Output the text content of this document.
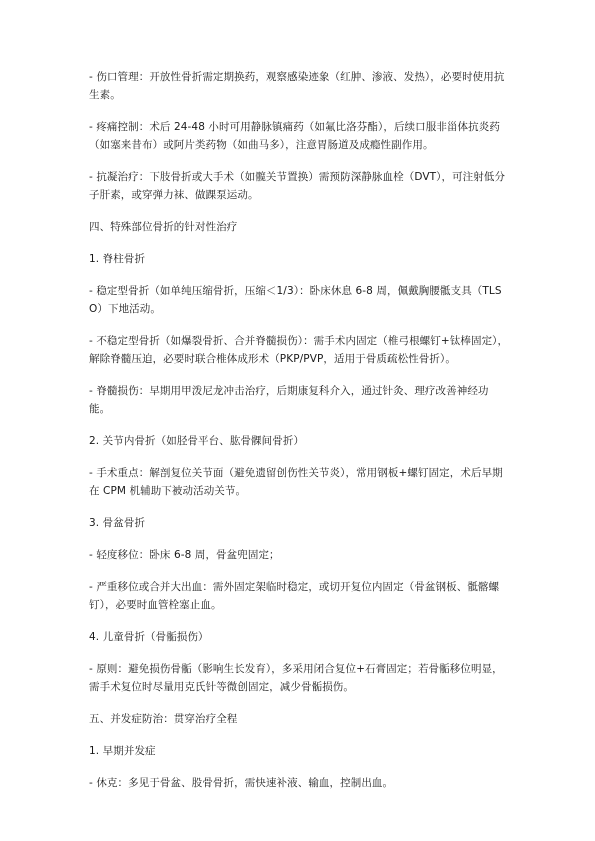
- 伤口管理：开放性骨折需定期换药，观察感染迹象（红肿、渗液、发热），必要时使用抗生素。

- 疼痛控制：术后 24-48 小时可用静脉镇痛药（如氟比洛芬酯），后续口服非甾体抗炎药（如塞来昔布）或阿片类药物（如曲马多），注意胃肠道及成瘾性副作用。

- 抗凝治疗：下肢骨折或大手术（如髋关节置换）需预防深静脉血栓（DVT），可注射低分子肝素，或穿弹力袜、做踝泵运动。

四、特殊部位骨折的针对性治疗

1. 脊柱骨折

- 稳定型骨折（如单纯压缩骨折，压缩＜1/3）：卧床休息 6-8 周，佩戴胸腰骶支具（TLSO）下地活动。

- 不稳定型骨折（如爆裂骨折、合并脊髓损伤）：需手术内固定（椎弓根螺钉+钛棒固定），解除脊髓压迫，必要时联合椎体成形术（PKP/PVP，适用于骨质疏松性骨折）。

- 脊髓损伤：早期用甲泼尼龙冲击治疗，后期康复科介入，通过针灸、理疗改善神经功能。

2. 关节内骨折（如胫骨平台、肱骨髁间骨折）

- 手术重点：解剖复位关节面（避免遗留创伤性关节炎），常用钢板+螺钉固定，术后早期在 CPM 机辅助下被动活动关节。

3. 骨盆骨折

- 轻度移位：卧床 6-8 周，骨盆兜固定；

- 严重移位或合并大出血：需外固定架临时稳定，或切开复位内固定（骨盆钢板、骶髂螺钉），必要时血管栓塞止血。

4. 儿童骨折（骨骺损伤）

- 原则：避免损伤骨骺（影响生长发育），多采用闭合复位+石膏固定；若骨骺移位明显，需手术复位时尽量用克氏针等微创固定，减少骨骺损伤。

五、并发症防治：贯穿治疗全程

1. 早期并发症

- 休克：多见于骨盆、股骨骨折，需快速补液、输血，控制出血。
